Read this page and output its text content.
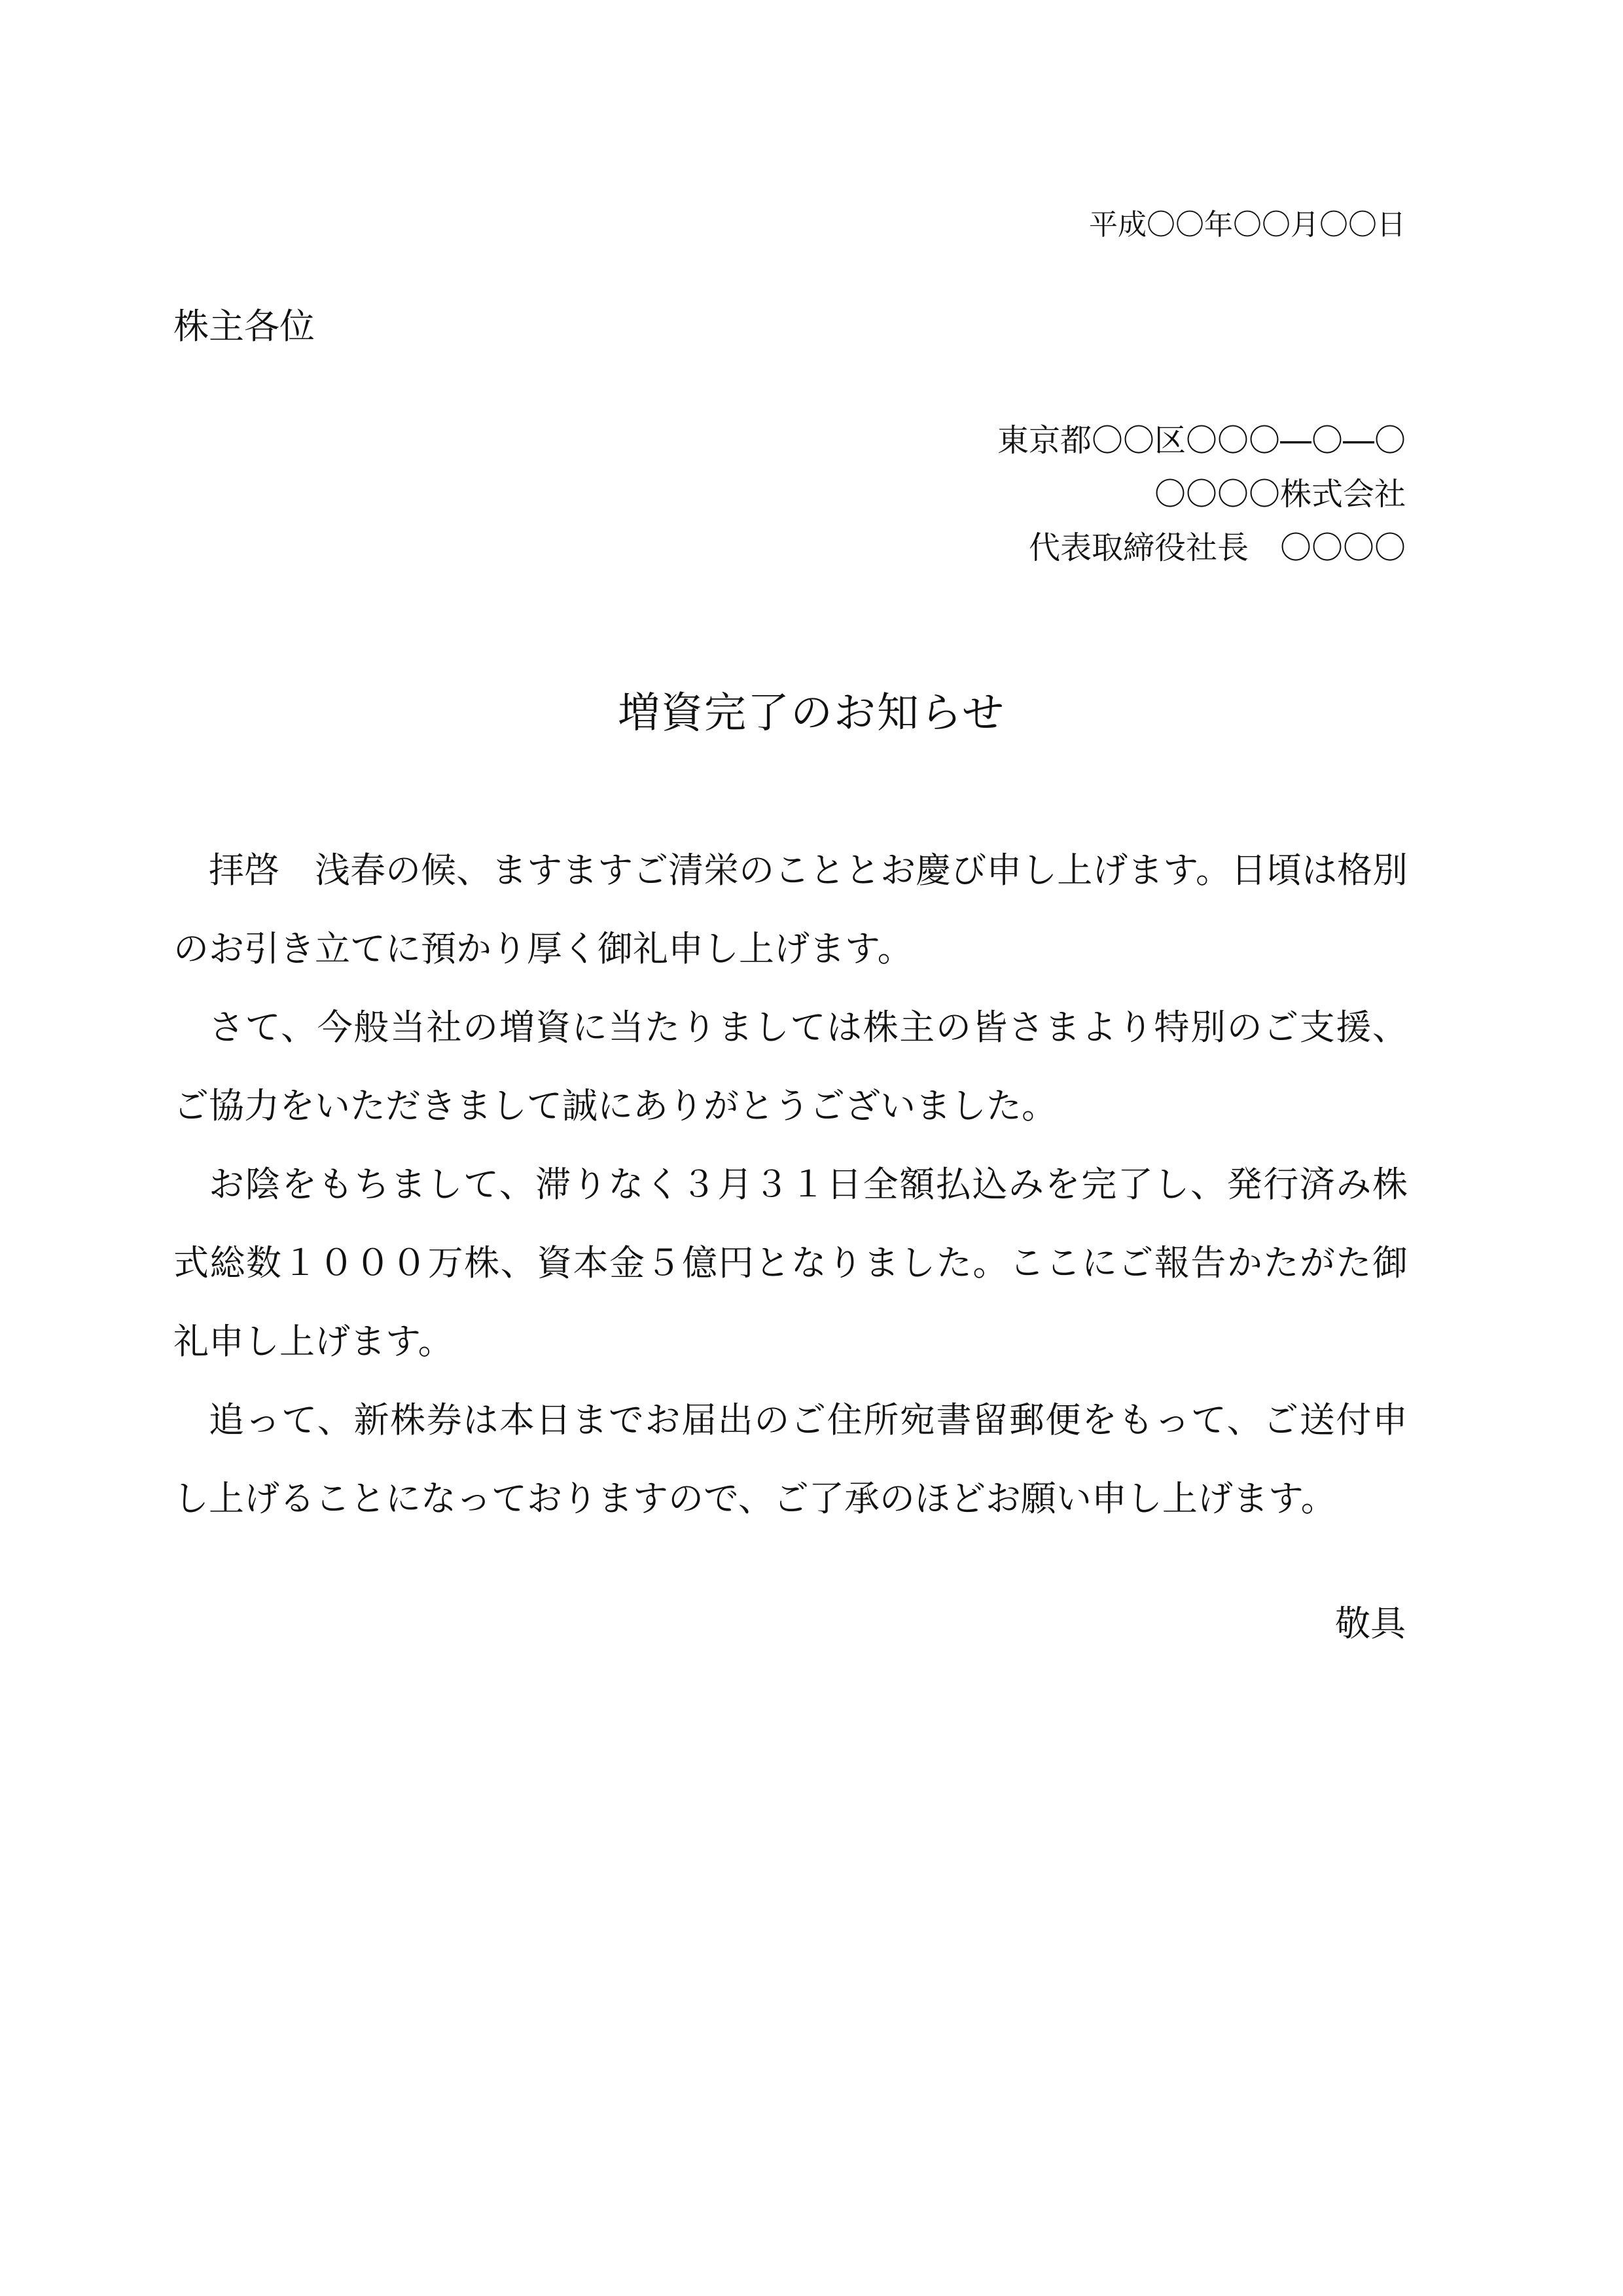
平成〇〇年〇〇月〇〇日
株主各位
東京都〇〇区〇〇〇―〇―〇
〇〇〇〇株式会社
代表取締役社長　〇〇〇〇
増資完了のお知らせ

拝啓　浅春の候、ますますご清栄のこととお慶び申し上げます。日頃は格別のお引き立てに預かり厚く御礼申し上げます。

さて、今般当社の増資に当たりましては株主の皆さまより特別のご支援、ご協力をいただきまして誠にありがとうございました。

お陰をもちまして、滞りなく３月３１日全額払込みを完了し、発行済み株式総数１０００万株、資本金５億円となりました。ここにご報告かたがた御礼申し上げます。

追って、新株券は本日までお届出のご住所宛書留郵便をもって、ご送付申し上げることになっておりますので、ご了承のほどお願い申し上げます。

敬具
